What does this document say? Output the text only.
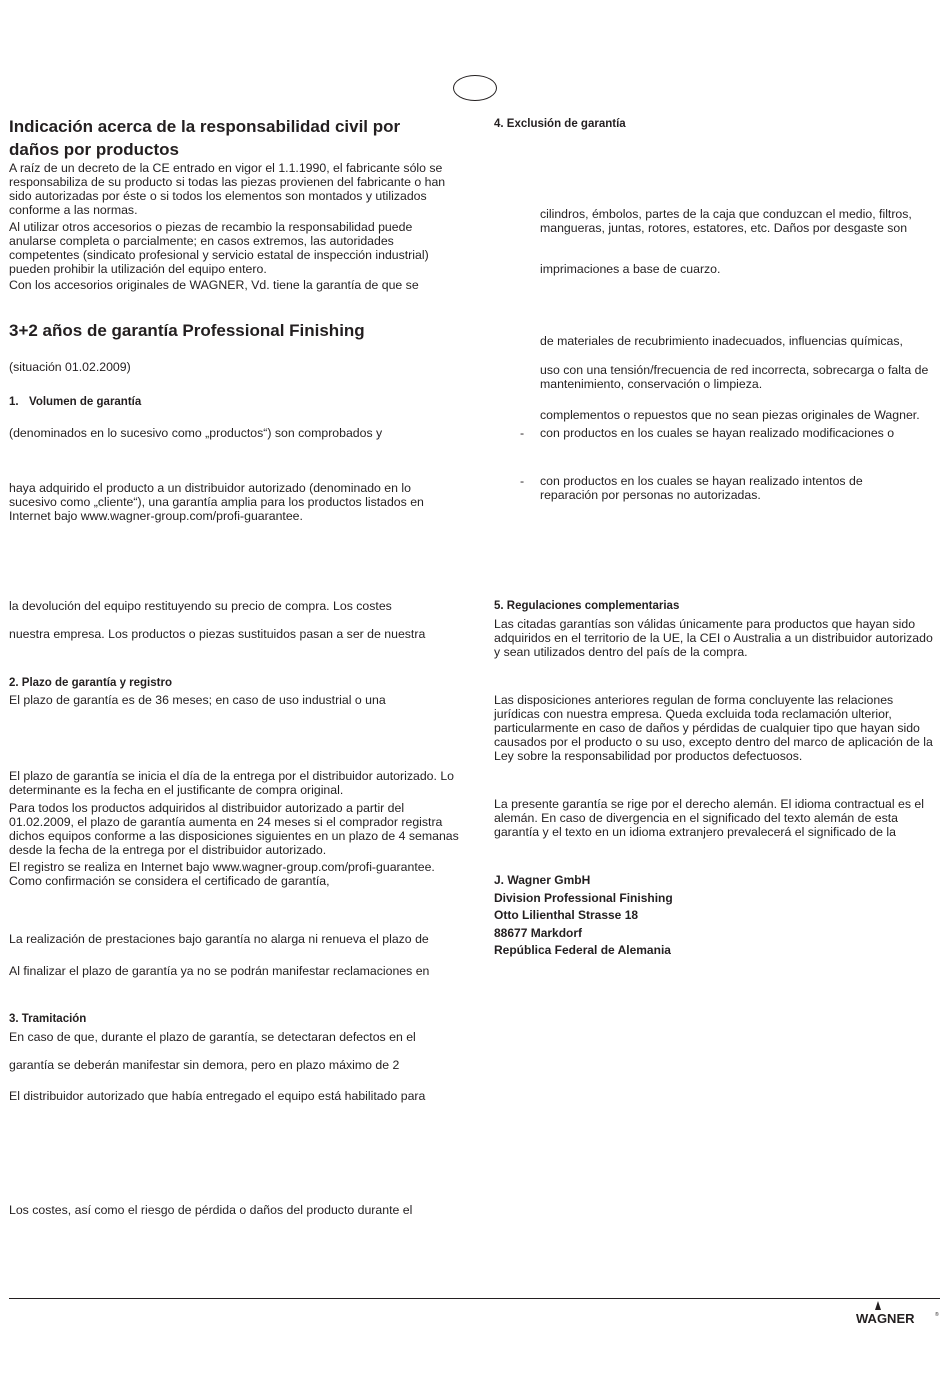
Indicación acerca de la responsabilidad civil por daños por productos
A raíz de un decreto de la CE entrado en vigor el 1.1.1990, el fabricante sólo se responsabiliza de su producto si todas las piezas provienen del fabricante o han sido autorizadas por éste o si todos los elementos son montados y utilizados conforme a las normas.
Al utilizar otros accesorios o piezas de recambio la responsabilidad puede anularse completa o parcialmente; en casos extremos, las autoridades competentes (sindicato profesional y servicio estatal de inspección industrial) pueden prohibir la utilización del equipo entero.
Con los accesorios originales de WAGNER, Vd. tiene la garantía de que se
3+2 años de garantía Professional Finishing
(situación 01.02.2009)
1. Volumen de garantía
(denominados en lo sucesivo como „productos“) son comprobados y
haya adquirido el producto a un distribuidor autorizado (denominado en lo sucesivo como „cliente“), una garantía amplia para los productos listados en Internet bajo www.wagner-group.com/profi-guarantee.
la devolución del equipo restituyendo su precio de compra. Los costes
nuestra empresa. Los productos o piezas sustituidos pasan a ser de nuestra
2. Plazo de garantía y registro
El plazo de garantía es de 36 meses; en caso de uso industrial o una
El plazo de garantía se inicia el día de la entrega por el distribuidor autorizado. Lo determinante es la fecha en el justificante de compra original.
Para todos los productos adquiridos al distribuidor autorizado a partir del 01.02.2009, el plazo de garantía aumenta en 24 meses si el comprador registra dichos equipos conforme a las disposiciones siguientes en un plazo de 4 semanas desde la fecha de la entrega por el distribuidor autorizado.
El registro se realiza en Internet bajo www.wagner-group.com/profi-guarantee. Como confirmación se considera el certificado de garantía,
La realización de prestaciones bajo garantía no alarga ni renueva el plazo de
Al finalizar el plazo de garantía ya no se podrán manifestar reclamaciones en
3. Tramitación
En caso de que, durante el plazo de garantía, se detectaran defectos en el
garantía se deberán manifestar sin demora, pero en plazo máximo de 2
El distribuidor autorizado que había entregado el equipo está habilitado para
Los costes, así como el riesgo de pérdida o daños del producto durante el
4. Exclusión de garantía
cilindros, émbolos, partes de la caja que conduzcan el medio, filtros, mangueras, juntas, rotores, estatores, etc. Daños por desgaste son
imprimaciones a base de cuarzo.
de materiales de recubrimiento inadecuados, influencias químicas,
uso con una tensión/frecuencia de red incorrecta, sobrecarga o falta de mantenimiento, conservación o limpieza.
complementos o repuestos que no sean piezas originales de Wagner.
- con productos en los cuales se hayan realizado modificaciones o
- con productos en los cuales se hayan realizado intentos de reparación por personas no autorizadas.
5. Regulaciones complementarias
Las citadas garantías son válidas únicamente para productos que hayan sido adquiridos en el territorio de la UE, la CEI o Australia a un distribuidor autorizado y sean utilizados dentro del país de la compra.
Las disposiciones anteriores regulan de forma concluyente las relaciones jurídicas con nuestra empresa. Queda excluida toda reclamación ulterior, particularmente en caso de daños y pérdidas de cualquier tipo que hayan sido causados por el producto o su uso, excepto dentro del marco de aplicación de la Ley sobre la responsabilidad por productos defectuosos.
La presente garantía se rige por el derecho alemán. El idioma contractual es el alemán. En caso de divergencia en el significado del texto alemán de esta garantía y el texto en un idioma extranjero prevalecerá el significado de la
J. Wagner GmbH
Division Professional Finishing
Otto Lilienthal Strasse 18
88677 Markdorf
República Federal de Alemania
WAGNER	®
